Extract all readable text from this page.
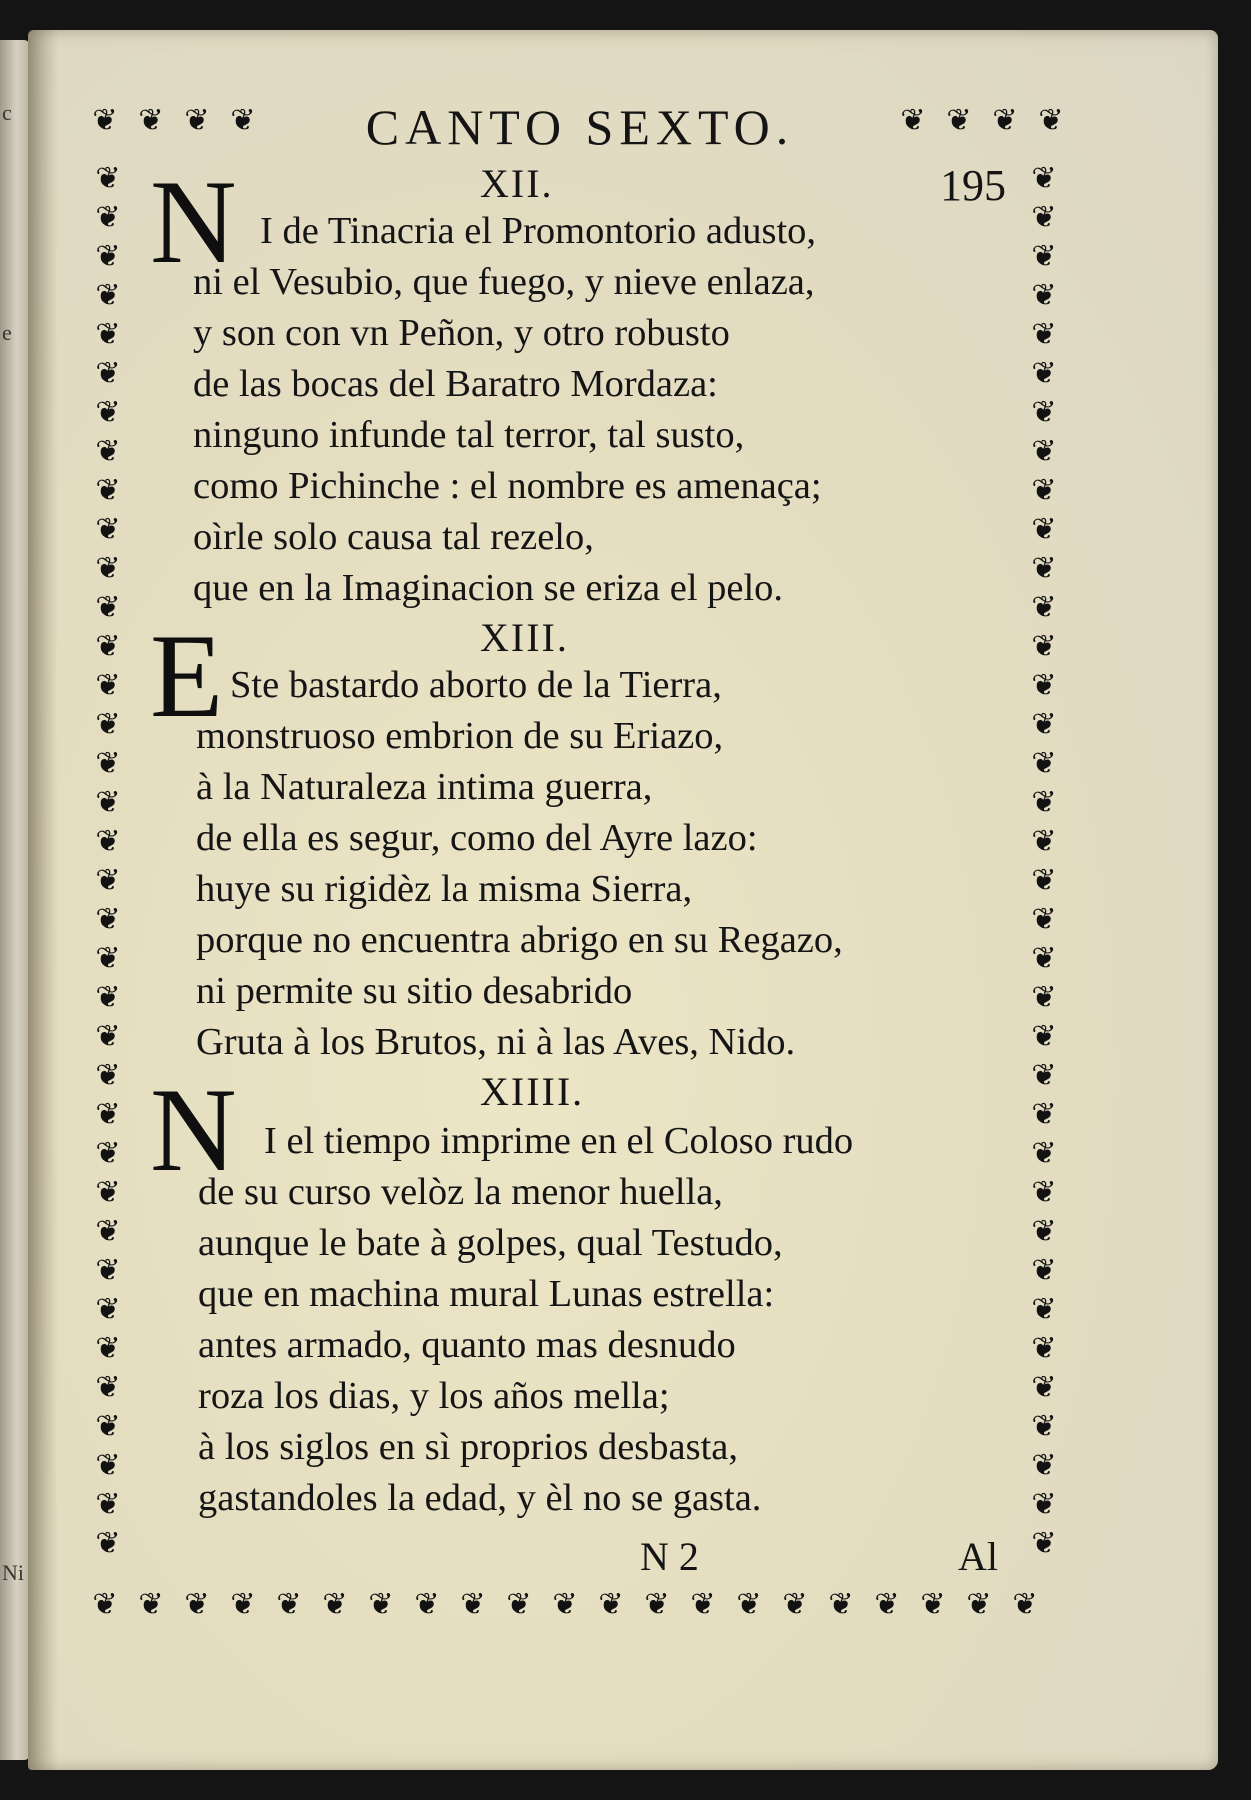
c
e
Ni
❦ ❦ ❦ ❦	❦ ❦ ❦ ❦
❦ ❦ ❦ ❦ ❦ ❦ ❦ ❦ ❦ ❦ ❦ ❦ ❦ ❦ ❦ ❦ ❦ ❦ ❦ ❦ ❦
❦
❦
❦
❦
❦
❦
❦
❦
❦
❦
❦
❦
❦
❦
❦
❦
❦
❦
❦
❦
❦
❦
❦
❦
❦
❦
❦
❦
❦
❦
❦
❦
❦
❦
❦
❦
❦
❦
❦
❦
❦
❦
❦
❦
❦
❦
❦
❦
❦
❦
❦
❦
❦
❦
❦
❦
❦
❦
❦
❦
❦
❦
❦
❦
❦
❦
❦
❦
❦
❦
❦
❦
CANTO SEXTO.
195
XII.
N I de Tinacria el Promontorio adusto,
ni el Vesubio, que fuego, y nieve enlaza,
y son con vn Peñon, y otro robusto
de las bocas del Baratro Mordaza:
ninguno infunde tal terror, tal susto,
como Pichinche : el nombre es amenaça;
oìrle solo causa tal rezelo,
que en la Imaginacion se eriza el pelo.
XIII.
E Ste bastardo aborto de la Tierra,
monstruoso embrion de su Eriazo,
à la Naturaleza intima guerra,
de ella es segur, como del Ayre lazo:
huye su rigidèz la misma Sierra,
porque no encuentra abrigo en su Regazo,
ni permite su sitio desabrido
Gruta à los Brutos, ni à las Aves, Nido.
XIIII.
N I el tiempo imprime en el Coloso rudo
de su curso velòz la menor huella,
aunque le bate à golpes, qual Testudo,
que en machina mural Lunas estrella:
antes armado, quanto mas desnudo
roza los dias, y los años mella;
à los siglos en sì proprios desbasta,
gastandoles la edad, y èl no se gasta.
N 2	Al
